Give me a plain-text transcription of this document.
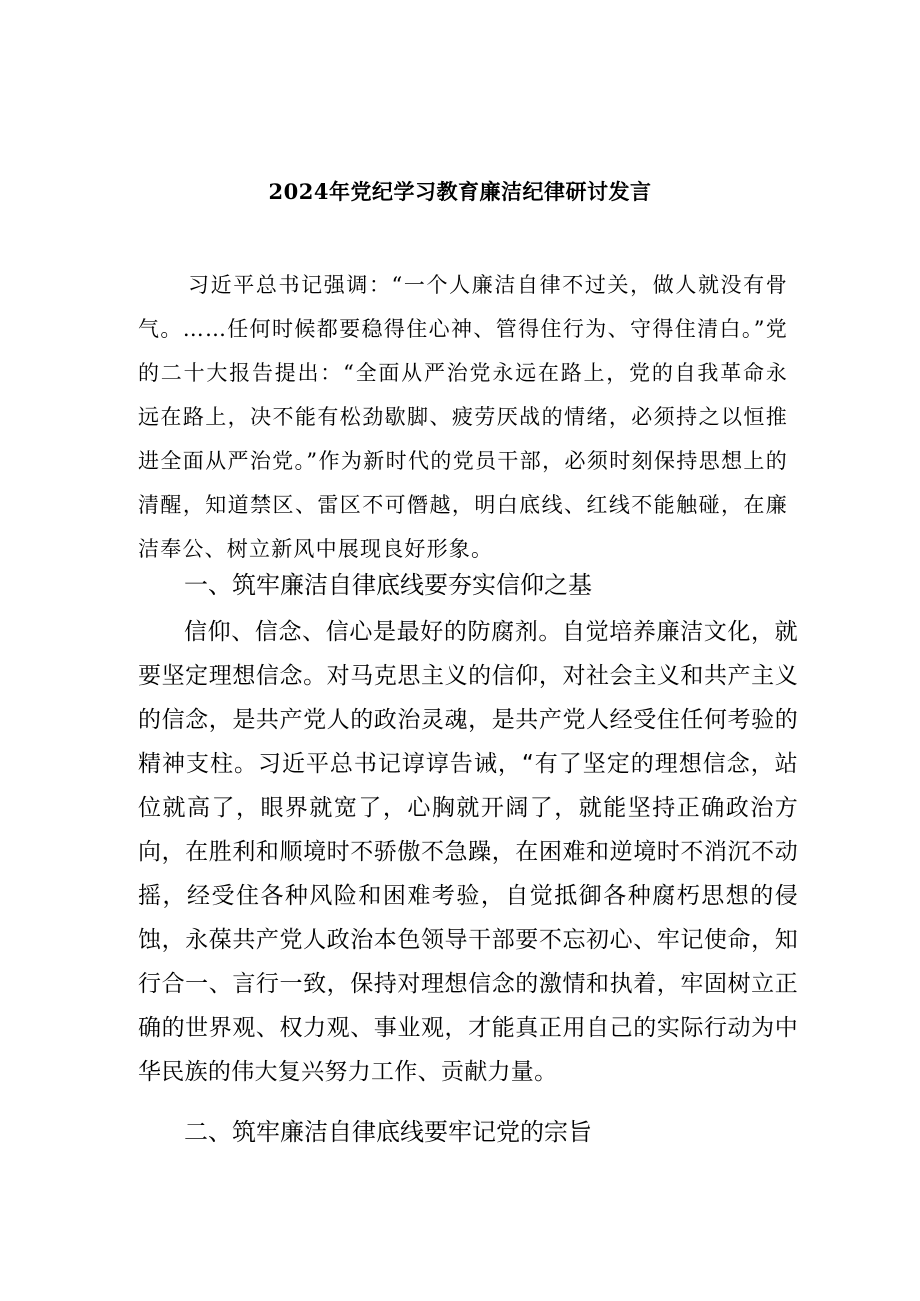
2024年党纪学习教育廉洁纪律研讨发言

习近平总书记强调：“一个人廉洁自律不过关，做人就没有骨气。……任何时候都要稳得住心神、管得住行为、守得住清白。”党的二十大报告提出：“全面从严治党永远在路上，党的自我革命永远在路上，决不能有松劲歇脚、疲劳厌战的情绪，必须持之以恒推进全面从严治党。”作为新时代的党员干部，必须时刻保持思想上的清醒，知道禁区、雷区不可僭越，明白底线、红线不能触碰，在廉洁奉公、树立新风中展现良好形象。

一、筑牢廉洁自律底线要夯实信仰之基

信仰、信念、信心是最好的防腐剂。自觉培养廉洁文化，就要坚定理想信念。对马克思主义的信仰，对社会主义和共产主义的信念，是共产党人的政治灵魂，是共产党人经受住任何考验的精神支柱。习近平总书记谆谆告诫，“有了坚定的理想信念，站位就高了，眼界就宽了，心胸就开阔了，就能坚持正确政治方向，在胜利和顺境时不骄傲不急躁，在困难和逆境时不消沉不动摇，经受住各种风险和困难考验，自觉抵御各种腐朽思想的侵蚀，永葆共产党人政治本色领导干部要不忘初心、牢记使命，知行合一、言行一致，保持对理想信念的激情和执着，牢固树立正确的世界观、权力观、事业观，才能真正用自己的实际行动为中华民族的伟大复兴努力工作、贡献力量。

二、筑牢廉洁自律底线要牢记党的宗旨
